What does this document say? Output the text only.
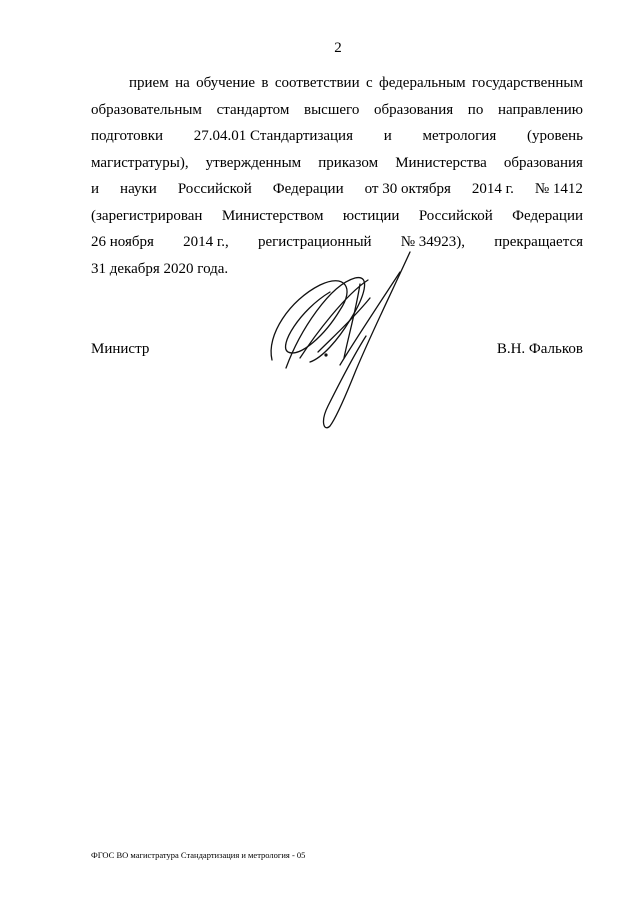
2
прием на обучение в соответствии с федеральным государственным
образовательным стандартом высшего образования по направлению
подготовки 27.04.01 Стандартизация и метрология (уровень
магистратуры), утвержденным приказом Министерства образования
и науки Российской Федерации от 30 октября 2014 г. № 1412
(зарегистрирован Министерством юстиции Российской Федерации
26 ноября 2014 г., регистрационный № 34923), прекращается
31 декабря 2020 года.
Министр	В.Н. Фальков
ФГОС ВО магистратура Стандартизация и метрология - 05
